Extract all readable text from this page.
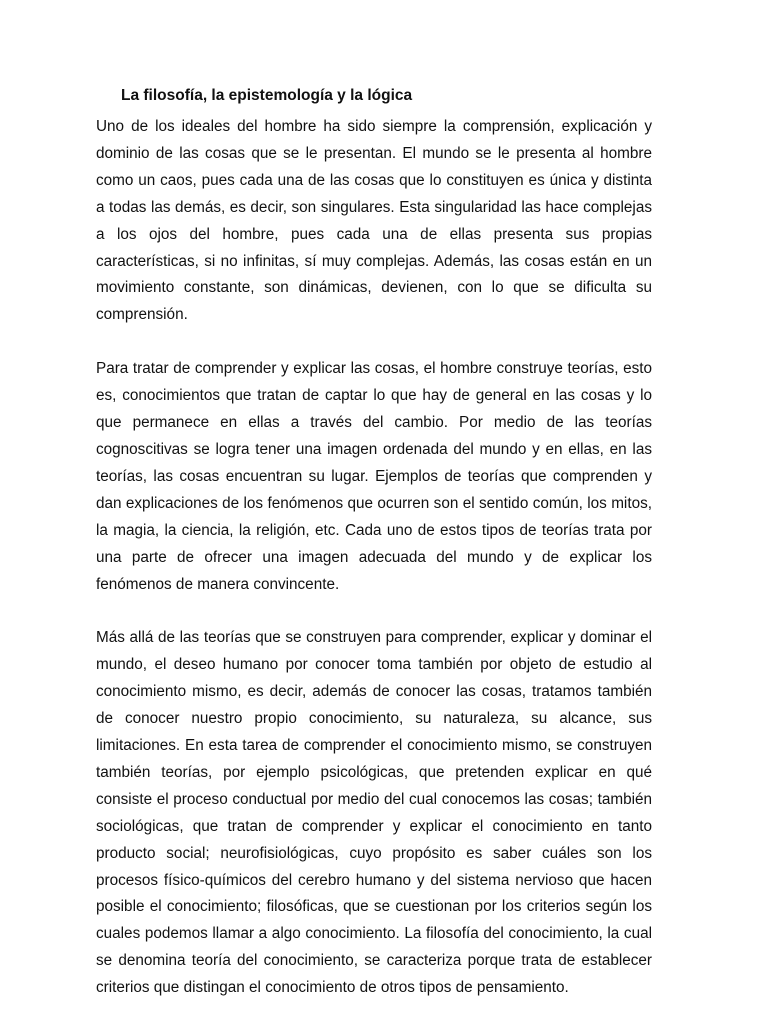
La filosofía, la epistemología y la lógica

Uno de los ideales del hombre ha sido siempre la comprensión, explicación y dominio de las cosas que se le presentan. El mundo se le presenta al hombre como un caos, pues cada una de las cosas que lo constituyen es única y distinta a todas las demás, es decir, son singulares. Esta singularidad las hace complejas a los ojos del hombre, pues cada una de ellas presenta sus propias características, si no infinitas, sí muy complejas. Además, las cosas están en un movimiento constante, son dinámicas, devienen, con lo que se dificulta su comprensión.

Para tratar de comprender y explicar las cosas, el hombre construye teorías, esto es, conocimientos que tratan de captar lo que hay de general en las cosas y lo que permanece en ellas a través del cambio. Por medio de las teorías cognoscitivas se logra tener una imagen ordenada del mundo y en ellas, en las teorías, las cosas encuentran su lugar. Ejemplos de teorías que comprenden y dan explicaciones de los fenómenos que ocurren son el sentido común, los mitos, la magia, la ciencia, la religión, etc. Cada uno de estos tipos de teorías trata por una parte de ofrecer una imagen adecuada del mundo y de explicar los fenómenos de manera convincente.

Más allá de las teorías que se construyen para comprender, explicar y dominar el mundo, el deseo humano por conocer toma también por objeto de estudio al conocimiento mismo, es decir, además de conocer las cosas, tratamos también de conocer nuestro propio conocimiento, su naturaleza, su alcance, sus limitaciones. En esta tarea de comprender el conocimiento mismo, se construyen también teorías, por ejemplo psicológicas, que pretenden explicar en qué consiste el proceso conductual por medio del cual conocemos las cosas; también sociológicas, que tratan de comprender y explicar el conocimiento en tanto producto social; neurofisiológicas, cuyo propósito es saber cuáles son los procesos físico-químicos del cerebro humano y del sistema nervioso que hacen posible el conocimiento; filosóficas, que se cuestionan por los criterios según los cuales podemos llamar a algo conocimiento. La filosofía del conocimiento, la cual se denomina teoría del conocimiento, se caracteriza porque trata de establecer criterios que distingan el conocimiento de otros tipos de pensamiento.
